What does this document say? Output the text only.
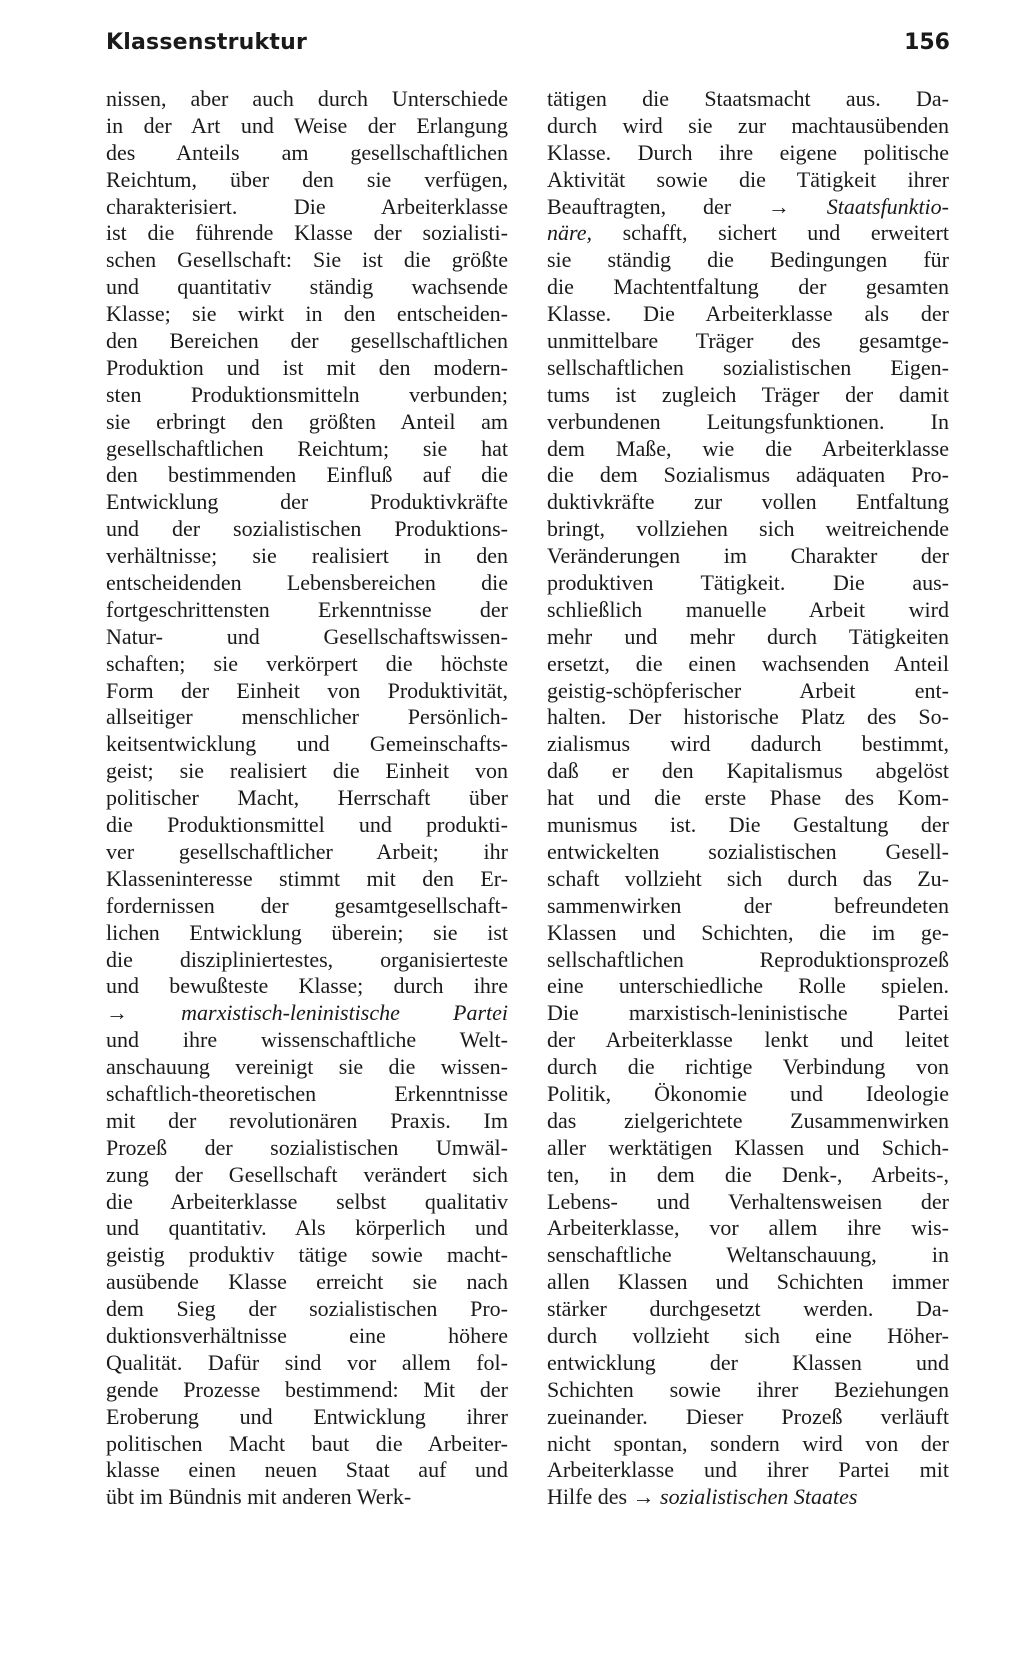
Klassenstruktur	156
nissen, aber auch durch Unterschiede
in der Art und Weise der Erlangung
des Anteils am gesellschaftlichen
Reichtum, über den sie verfügen,
charakterisiert. Die Arbeiterklasse
ist die führende Klasse der sozialisti-
schen Gesellschaft: Sie ist die größte
und quantitativ ständig wachsende
Klasse; sie wirkt in den entscheiden-
den Bereichen der gesellschaftlichen
Produktion und ist mit den modern-
sten Produktionsmitteln verbunden;
sie erbringt den größten Anteil am
gesellschaftlichen Reichtum; sie hat
den bestimmenden Einfluß auf die
Entwicklung der Produktivkräfte
und der sozialistischen Produktions-
verhältnisse; sie realisiert in den
entscheidenden Lebensbereichen die
fortgeschrittensten Erkenntnisse der
Natur- und Gesellschaftswissen-
schaften; sie verkörpert die höchste
Form der Einheit von Produktivität,
allseitiger menschlicher Persönlich-
keitsentwicklung und Gemeinschafts-
geist; sie realisiert die Einheit von
politischer Macht, Herrschaft über
die Produktionsmittel und produkti-
ver gesellschaftlicher Arbeit; ihr
Klasseninteresse stimmt mit den Er-
fordernissen der gesamtgesellschaft-
lichen Entwicklung überein; sie ist
die diszipliniertestes, organisierteste
und bewußteste Klasse; durch ihre
→ marxistisch-leninistische Partei
und ihre wissenschaftliche Welt-
anschauung vereinigt sie die wissen-
schaftlich-theoretischen Erkenntnisse
mit der revolutionären Praxis. Im
Prozeß der sozialistischen Umwäl-
zung der Gesellschaft verändert sich
die Arbeiterklasse selbst qualitativ
und quantitativ. Als körperlich und
geistig produktiv tätige sowie macht-
ausübende Klasse erreicht sie nach
dem Sieg der sozialistischen Pro-
duktionsverhältnisse eine höhere
Qualität. Dafür sind vor allem fol-
gende Prozesse bestimmend: Mit der
Eroberung und Entwicklung ihrer
politischen Macht baut die Arbeiter-
klasse einen neuen Staat auf und
übt im Bündnis mit anderen Werk-
tätigen die Staatsmacht aus. Da-
durch wird sie zur machtausübenden
Klasse. Durch ihre eigene politische
Aktivität sowie die Tätigkeit ihrer
Beauftragten, der → Staatsfunktio-
näre, schafft, sichert und erweitert
sie ständig die Bedingungen für
die Machtentfaltung der gesamten
Klasse. Die Arbeiterklasse als der
unmittelbare Träger des gesamtge-
sellschaftlichen sozialistischen Eigen-
tums ist zugleich Träger der damit
verbundenen Leitungsfunktionen. In
dem Maße, wie die Arbeiterklasse
die dem Sozialismus adäquaten Pro-
duktivkräfte zur vollen Entfaltung
bringt, vollziehen sich weitreichende
Veränderungen im Charakter der
produktiven Tätigkeit. Die aus-
schließlich manuelle Arbeit wird
mehr und mehr durch Tätigkeiten
ersetzt, die einen wachsenden Anteil
geistig-schöpferischer Arbeit ent-
halten. Der historische Platz des So-
zialismus wird dadurch bestimmt,
daß er den Kapitalismus abgelöst
hat und die erste Phase des Kom-
munismus ist. Die Gestaltung der
entwickelten sozialistischen Gesell-
schaft vollzieht sich durch das Zu-
sammenwirken der befreundeten
Klassen und Schichten, die im ge-
sellschaftlichen Reproduktionsprozeß
eine unterschiedliche Rolle spielen.
Die marxistisch-leninistische Partei
der Arbeiterklasse lenkt und leitet
durch die richtige Verbindung von
Politik, Ökonomie und Ideologie
das zielgerichtete Zusammenwirken
aller werktätigen Klassen und Schich-
ten, in dem die Denk-, Arbeits-,
Lebens- und Verhaltensweisen der
Arbeiterklasse, vor allem ihre wis-
senschaftliche Weltanschauung, in
allen Klassen und Schichten immer
stärker durchgesetzt werden. Da-
durch vollzieht sich eine Höher-
entwicklung der Klassen und
Schichten sowie ihrer Beziehungen
zueinander. Dieser Prozeß verläuft
nicht spontan, sondern wird von der
Arbeiterklasse und ihrer Partei mit
Hilfe des → sozialistischen Staates
